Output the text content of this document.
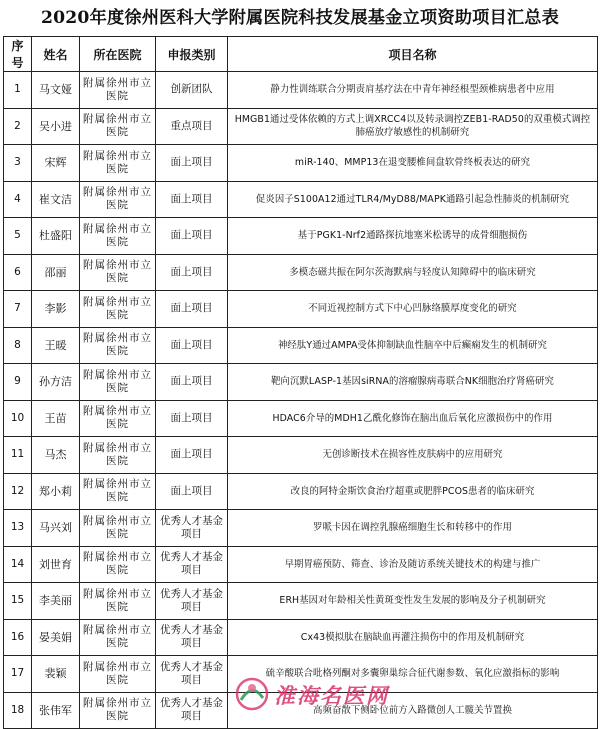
2020年度徐州医科大学附属医院科技发展基金立项资助项目汇总表
序号	姓名	所在医院	申报类别	项目名称
1	马文娅	附属徐州市立医院	创新团队	静力性训练联合分期责肩基疗法在中青年神经根型颈椎病患者中应用
2	吴小进	附属徐州市立医院	重点项目	HMGB1通过受体依赖的方式上调XRCC4以及转录调控ZEB1-RAD50的双重模式调控肺癌放疗敏感性的机制研究
3	宋辉	附属徐州市立医院	面上项目	miR-140、MMP13在退变腰椎间盘软骨终板表达的研究
4	崔文洁	附属徐州市立医院	面上项目	促炎因子S100A12通过TLR4/MyD88/MAPK通路引起急性肺炎的机制研究
5	杜盛阳	附属徐州市立医院	面上项目	基于PGK1-Nrf2通路探抗地塞米松诱导的成骨细胞损伤
6	邵丽	附属徐州市立医院	面上项目	多模态磁共振在阿尔茨海默病与轻度认知障碍中的临床研究
7	李影	附属徐州市立医院	面上项目	不同近视控制方式下中心凹脉络膜厚度变化的研究
8	王暖	附属徐州市立医院	面上项目	神经肽Y通过AMPA受体抑制缺血性脑卒中后癫痫发生的机制研究
9	孙方洁	附属徐州市立医院	面上项目	靶向沉默LASP-1基因siRNA的溶瘤腺病毒联合NK细胞治疗肾癌研究
10	王苗	附属徐州市立医院	面上项目	HDAC6介导的MDH1乙酰化修饰在脑出血后氧化应激损伤中的作用
11	马杰	附属徐州市立医院	面上项目	无创诊断技术在损容性皮肤病中的应用研究
12	郑小莉	附属徐州市立医院	面上项目	改良的阿特金斯饮食治疗超重或肥胖PCOS患者的临床研究
13	马兴刘	附属徐州市立医院	优秀人才基金项目	罗哌卡因在调控乳腺癌细胞生长和转移中的作用
14	刘世育	附属徐州市立医院	优秀人才基金项目	早期胃癌预防、筛查、诊治及随访系统关键技术的构建与推广
15	李美丽	附属徐州市立医院	优秀人才基金项目	ERH基因对年龄相关性黄斑变性发生发展的影响及分子机制研究
16	晏美娟	附属徐州市立医院	优秀人才基金项目	Cx43模拟肽在脑缺血再灌注损伤中的作用及机制研究
17	裴颖	附属徐州市立医院	优秀人才基金项目	硫辛酸联合吡格列酮对多囊卵巢综合征代谢参数、氧化应激指标的影响
18	张伟军	附属徐州市立医院	优秀人才基金项目	高频奋散下侧卧位前方入路微创人工髋关节置换
淮海名医网
